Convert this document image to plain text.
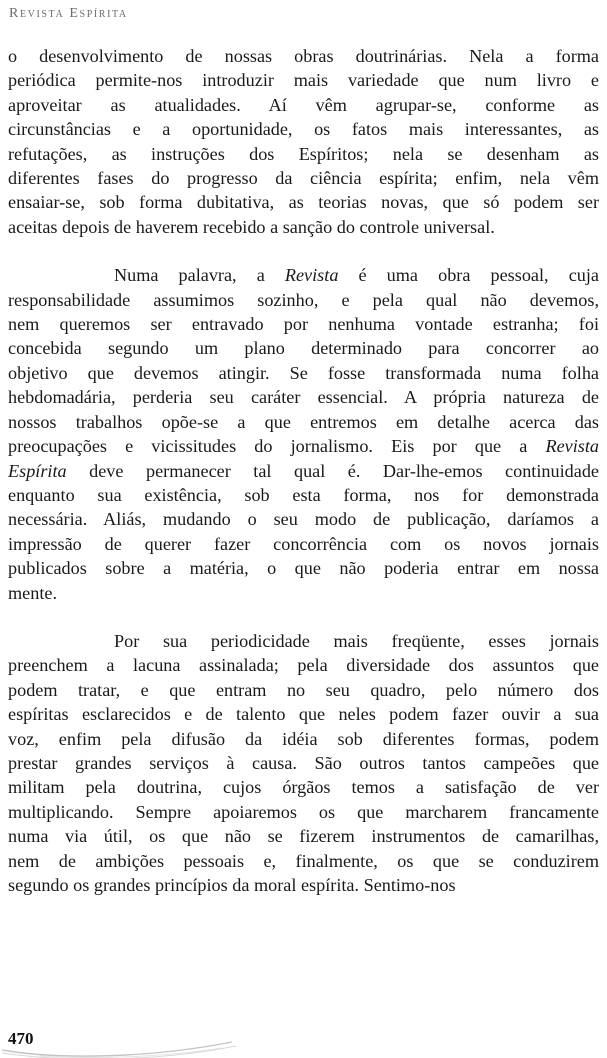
Revista Espírita
o desenvolvimento de nossas obras doutrinárias. Nela a forma
periódica permite-nos introduzir mais variedade que num livro e
aproveitar as atualidades. Aí vêm agrupar-se, conforme as
circunstâncias e a oportunidade, os fatos mais interessantes, as
refutações, as instruções dos Espíritos; nela se desenham as
diferentes fases do progresso da ciência espírita; enfim, nela vêm
ensaiar-se, sob forma dubitativa, as teorias novas, que só podem ser
aceitas depois de haverem recebido a sanção do controle universal.
Numa palavra, a Revista é uma obra pessoal, cuja
responsabilidade assumimos sozinho, e pela qual não devemos,
nem queremos ser entravado por nenhuma vontade estranha; foi
concebida segundo um plano determinado para concorrer ao
objetivo que devemos atingir. Se fosse transformada numa folha
hebdomadária, perderia seu caráter essencial. A própria natureza de
nossos trabalhos opõe-se a que entremos em detalhe acerca das
preocupações e vicissitudes do jornalismo. Eis por que a Revista
Espírita deve permanecer tal qual é. Dar-lhe-emos continuidade
enquanto sua existência, sob esta forma, nos for demonstrada
necessária. Aliás, mudando o seu modo de publicação, daríamos a
impressão de querer fazer concorrência com os novos jornais
publicados sobre a matéria, o que não poderia entrar em nossa
mente.
Por sua periodicidade mais freqüente, esses jornais
preenchem a lacuna assinalada; pela diversidade dos assuntos que
podem tratar, e que entram no seu quadro, pelo número dos
espíritas esclarecidos e de talento que neles podem fazer ouvir a sua
voz, enfim pela difusão da idéia sob diferentes formas, podem
prestar grandes serviços à causa. São outros tantos campeões que
militam pela doutrina, cujos órgãos temos a satisfação de ver
multiplicando. Sempre apoiaremos os que marcharem francamente
numa via útil, os que não se fizerem instrumentos de camarilhas,
nem de ambições pessoais e, finalmente, os que se conduzirem
segundo os grandes princípios da moral espírita. Sentimo-nos
470
